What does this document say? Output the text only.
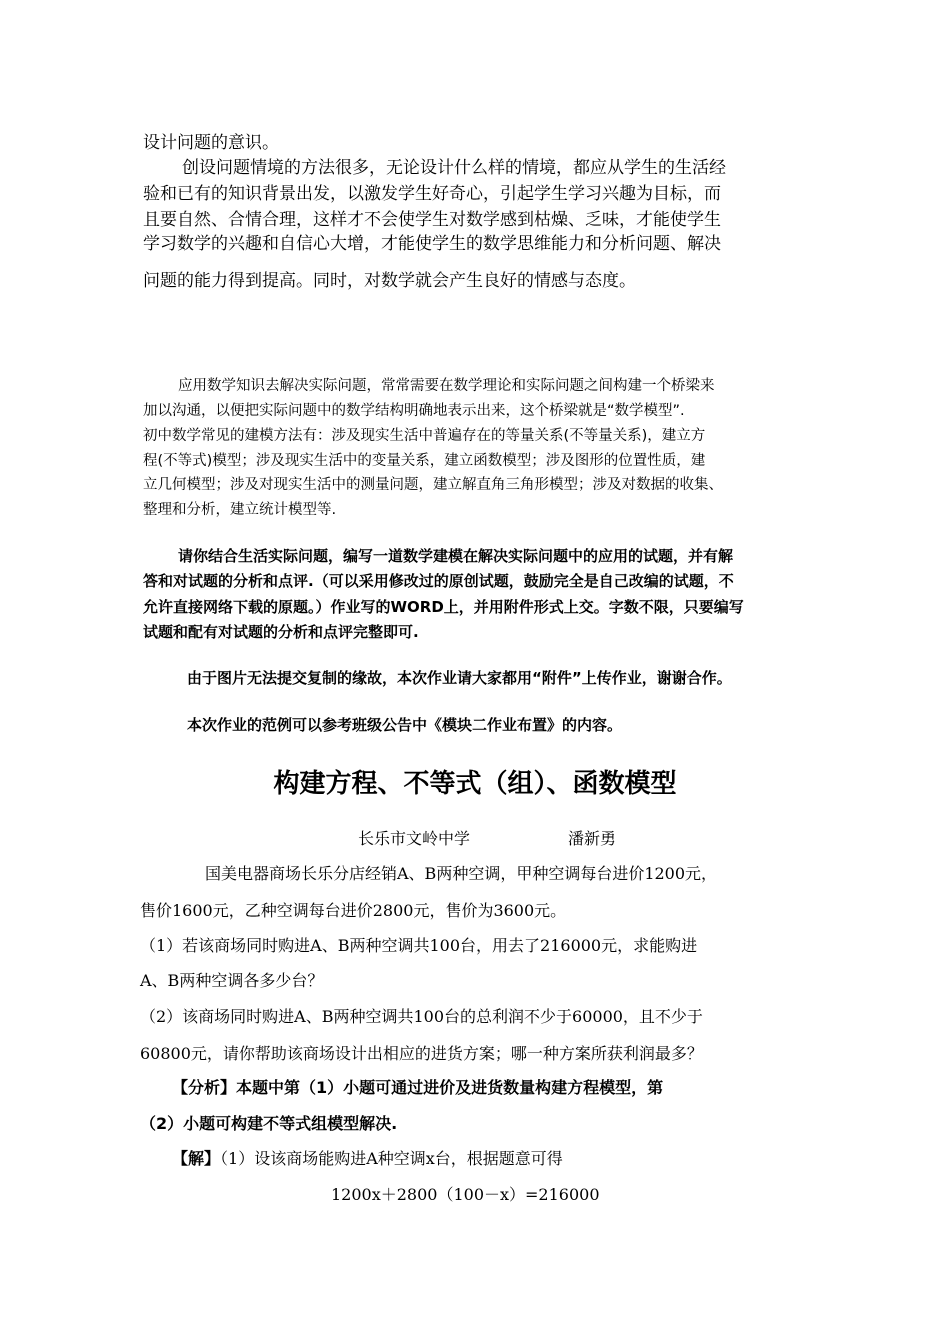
设计问题的意识。

创设问题情境的方法很多，无论设计什么样的情境，都应从学生的生活经

验和已有的知识背景出发，以激发学生好奇心，引起学生学习兴趣为目标，而

且要自然、合情合理，这样才不会使学生对数学感到枯燥、乏味，才能使学生

学习数学的兴趣和自信心大增，才能使学生的数学思维能力和分析问题、解决

问题的能力得到提高。同时，对数学就会产生良好的情感与态度。

应用数学知识去解决实际问题，常常需要在数学理论和实际问题之间构建一个桥梁来

加以沟通，以便把实际问题中的数学结构明确地表示出来，这个桥梁就是“数学模型”.

初中数学常见的建模方法有：涉及现实生活中普遍存在的等量关系(不等量关系)，建立方

程(不等式)模型；涉及现实生活中的变量关系，建立函数模型；涉及图形的位置性质，建

立几何模型；涉及对现实生活中的测量问题，建立解直角三角形模型；涉及对数据的收集、

整理和分析，建立统计模型等.

请你结合生活实际问题，编写一道数学建模在解决实际问题中的应用的试题，并有解

答和对试题的分析和点评.（可以采用修改过的原创试题，鼓励完全是自己改编的试题，不

允许直接网络下载的原题。）作业写的WORD上，并用附件形式上交。字数不限，只要编写

试题和配有对试题的分析和点评完整即可.

由于图片无法提交复制的缘故，本次作业请大家都用“附件”上传作业，谢谢合作。

本次作业的范例可以参考班级公告中《模块二作业布置》的内容。

构建方程、不等式（组）、函数模型

长乐市文岭中学	潘新勇

国美电器商场长乐分店经销A、B两种空调，甲种空调每台进价1200元，

售价1600元，乙种空调每台进价2800元，售价为3600元。

（1）若该商场同时购进A、B两种空调共100台，用去了216000元，求能购进

A、B两种空调各多少台？

（2）该商场同时购进A、B两种空调共100台的总利润不少于60000，且不少于

60800元，请你帮助该商场设计出相应的进货方案；哪一种方案所获利润最多？

【分析】本题中第（1）小题可通过进价及进货数量构建方程模型，第

（2）小题可构建不等式组模型解决.

【解】（1）设该商场能购进A种空调x台，根据题意可得

1200x＋2800（100－x）=216000
